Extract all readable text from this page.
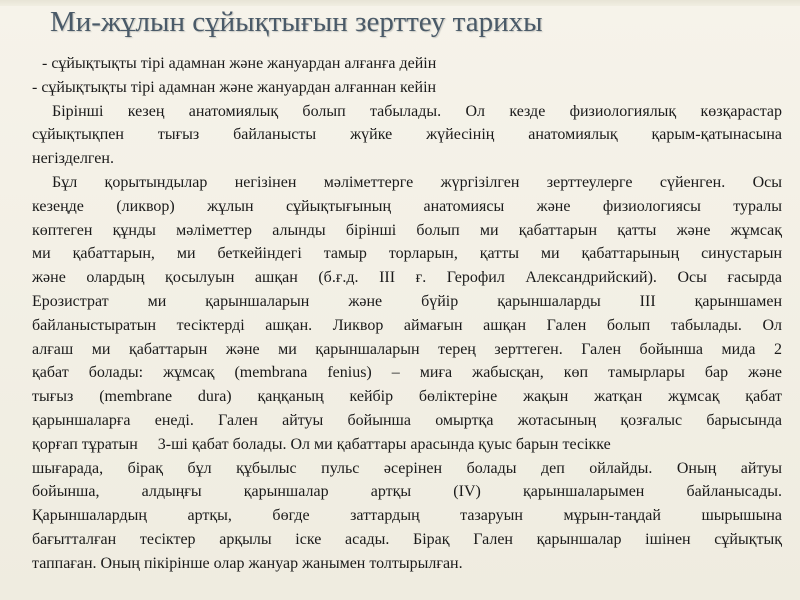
Ми-жұлын сұйықтығын зерттеу тарихы
- сұйықтықты тірі адамнан және жануардан алғанға дейін
- сұйықтықты тірі адамнан және жануардан алғаннан кейін
Бірінші кезең анатомиялық болып табылады. Ол кезде физиологиялық көзқарастар
сұйықтықпен тығыз байланысты жүйке жүйесінің анатомиялық қарым-қатынасына
негізделген.
Бұл қорытындылар негізінен мәліметтерге жүргізілген зерттеулерге сүйенген. Осы
кезеңде (ликвор) жұлын сұйықтығының анатомиясы және физиологиясы туралы
көптеген құнды мәліметтер алынды бірінші болып ми қабаттарын қатты және жұмсақ
ми қабаттарын, ми беткейіндегі тамыр торларын, қатты ми қабаттарының синустарын
және олардың қосылуын ашқан (б.ғ.д. ІІІ ғ. Герофил Александрийский). Осы ғасырда
Ерозистрат ми қарыншаларын және бүйір қарыншаларды ІІІ қарыншамен
байланыстыратын тесіктерді ашқан. Ликвор аймағын ашқан Гален болып табылады. Ол
алғаш ми қабаттарын және ми қарыншаларын терең зерттеген. Гален бойынша мида 2
қабат болады: жұмсақ (membrana fenius) – миға жабысқан, көп тамырлары бар және
тығыз (membrane dura) қаңқаның кейбір бөліктеріне жақын жатқан жұмсақ қабат
қарыншаларға енеді. Гален айтуы бойынша омыртқа жотасының қозғалыс барысында
қорғап тұратын     3-ші қабат болады. Ол ми қабаттары арасында қуыс барын тесікке
шығарада, бірақ бұл құбылыс пульс әсерінен болады деп ойлайды. Оның айтуы
бойынша, алдыңғы қарыншалар артқы (ІV) қарыншаларымен байланысады.
Қарыншалардың артқы, бөгде заттардың тазаруын мұрын-таңдай шырышына
бағытталған тесіктер арқылы іске асады. Бірақ Гален қарыншалар ішінен сұйықтық
таппаған. Оның пікірінше олар жануар жанымен толтырылған.
